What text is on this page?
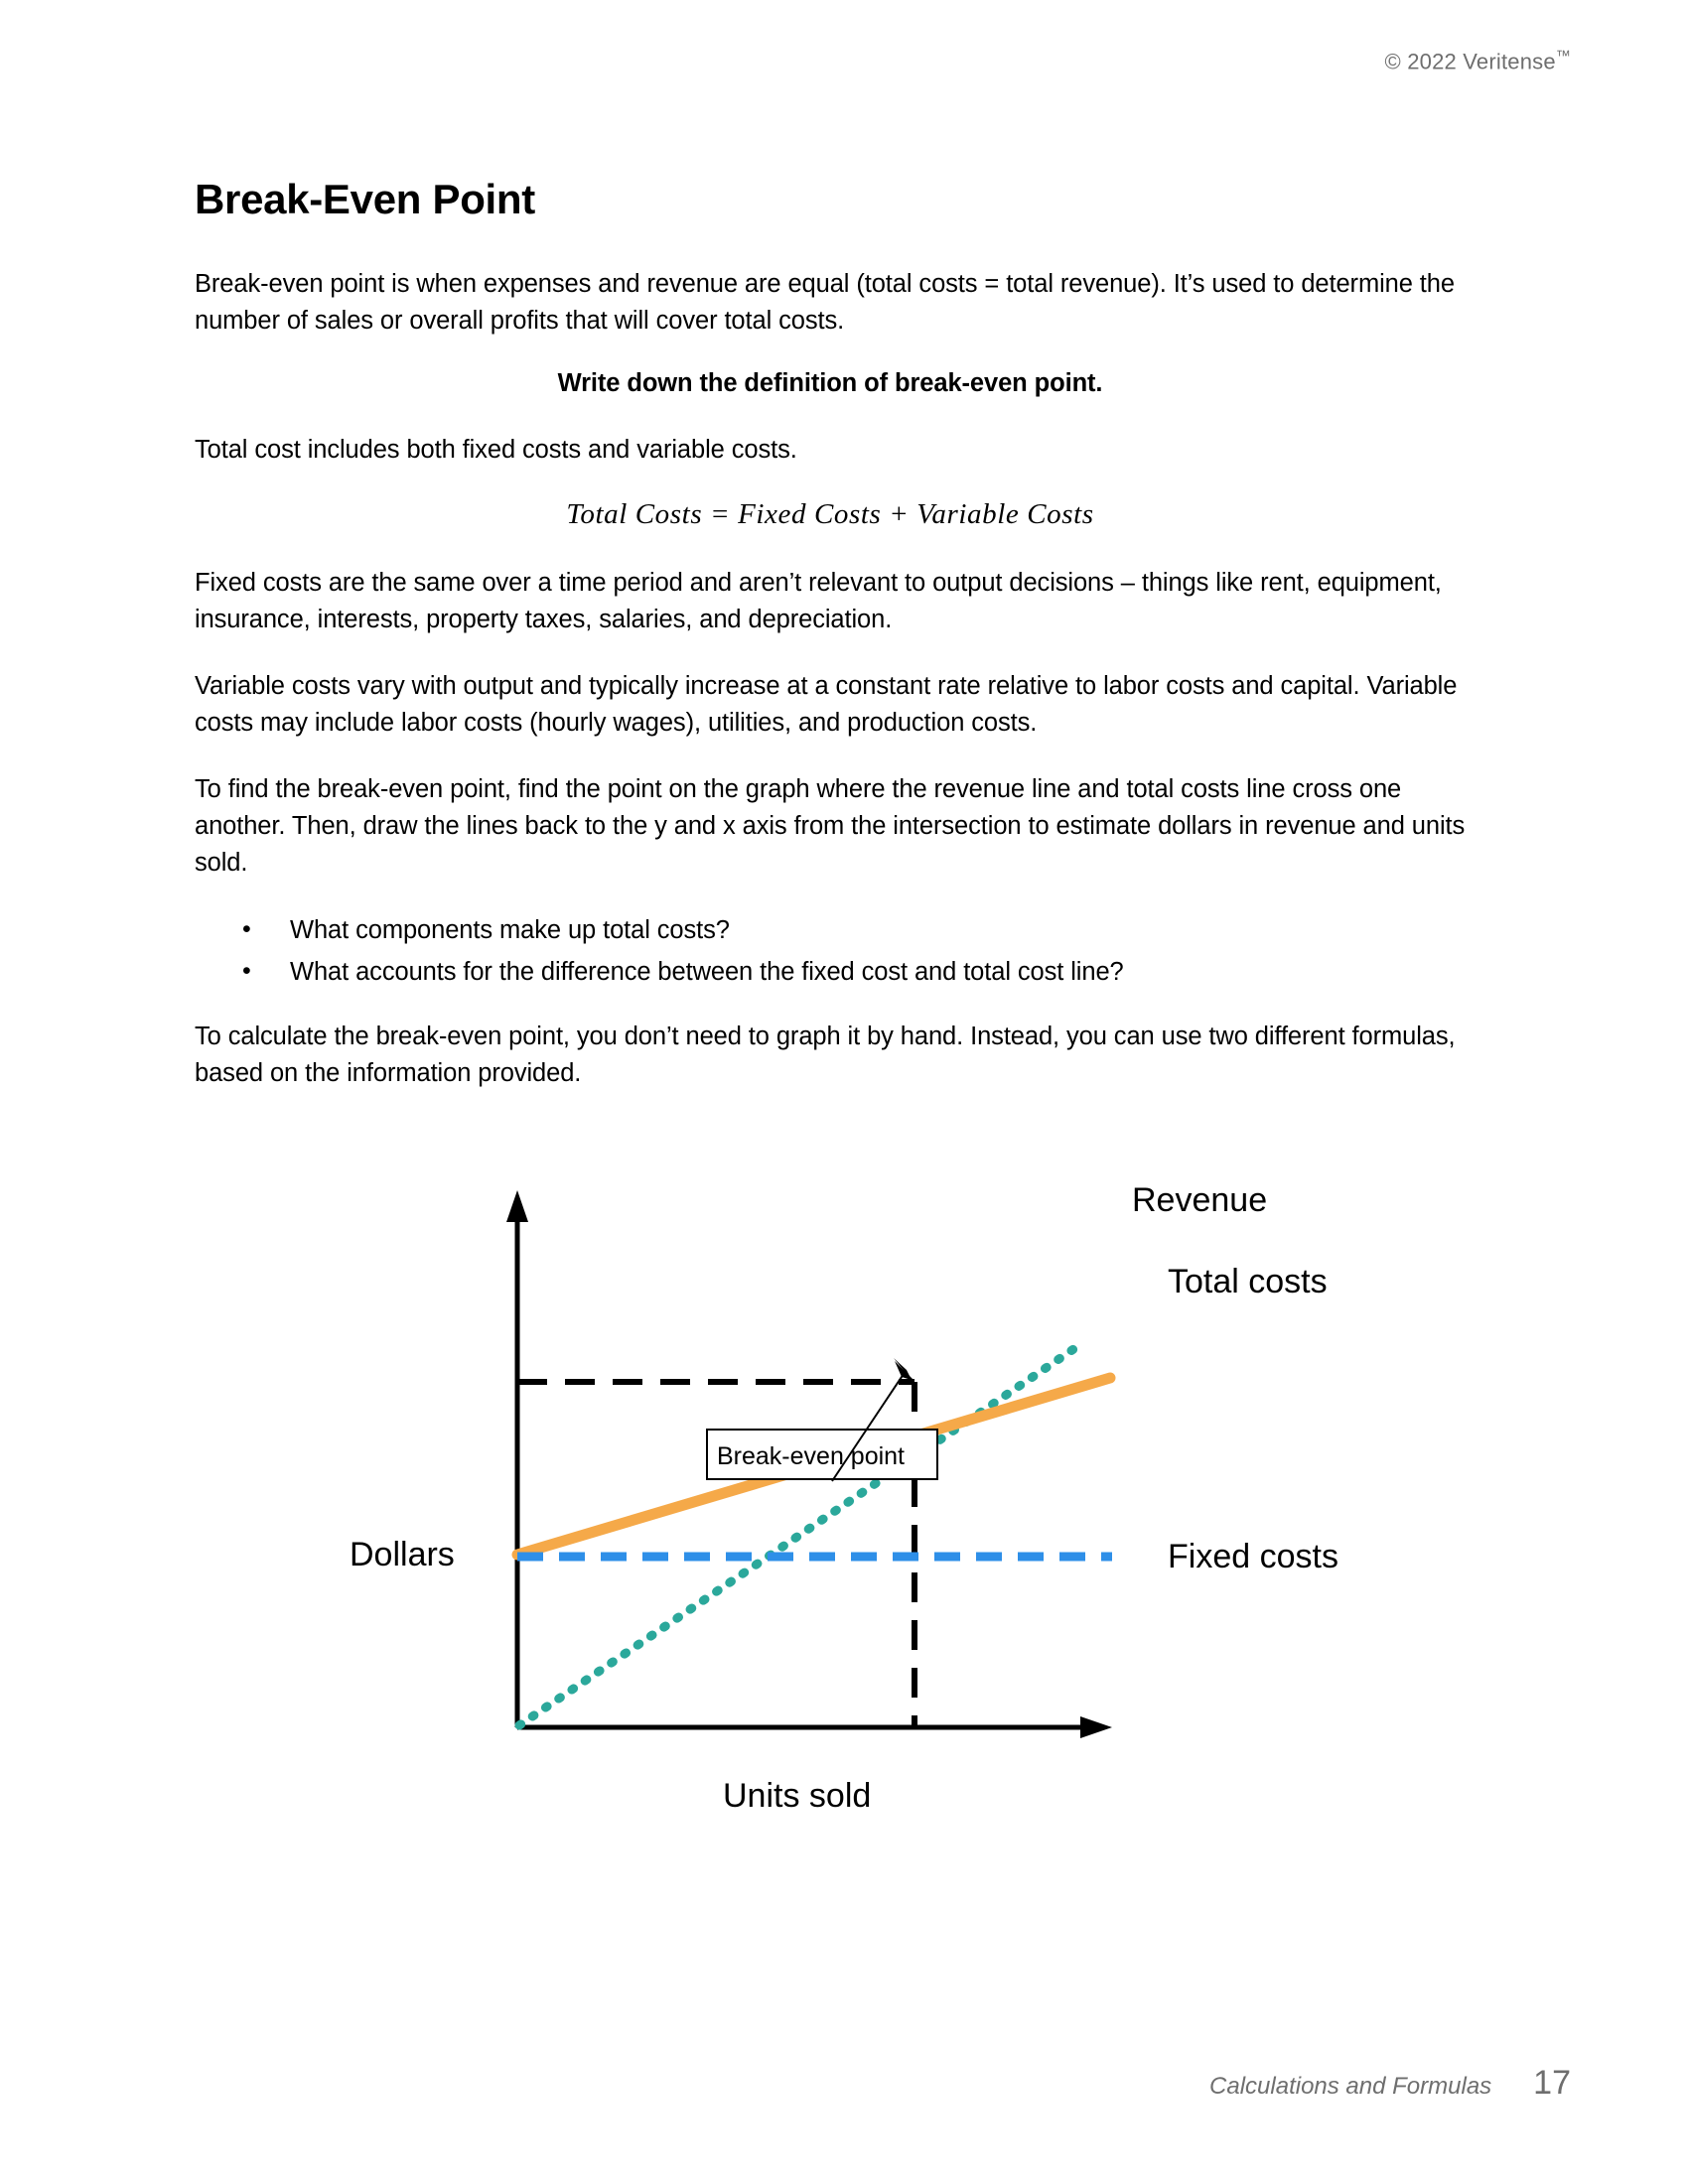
© 2022 Veritense™
Break-Even Point

Break-even point is when expenses and revenue are equal (total costs = total revenue). It’s used to determine the number of sales or overall profits that will cover total costs.

Write down the definition of break-even point.

Total cost includes both fixed costs and variable costs.

Total Costs = Fixed Costs + Variable Costs

Fixed costs are the same over a time period and aren’t relevant to output decisions – things like rent, equipment, insurance, interests, property taxes, salaries, and depreciation.

Variable costs vary with output and typically increase at a constant rate relative to labor costs and capital. Variable costs may include labor costs (hourly wages), utilities, and production costs.

To find the break-even point, find the point on the graph where the revenue line and total costs line cross one another. Then, draw the lines back to the y and x axis from the intersection to estimate dollars in revenue and units sold.

• What components make up total costs?
• What accounts for the difference between the fixed cost and total cost line?

To calculate the break-even point, you don’t need to graph it by hand. Instead, you can use two different formulas, based on the information provided.

Break-even point
Dollars
Units sold
Revenue
Total costs
Fixed costs
Calculations and Formulas 17
